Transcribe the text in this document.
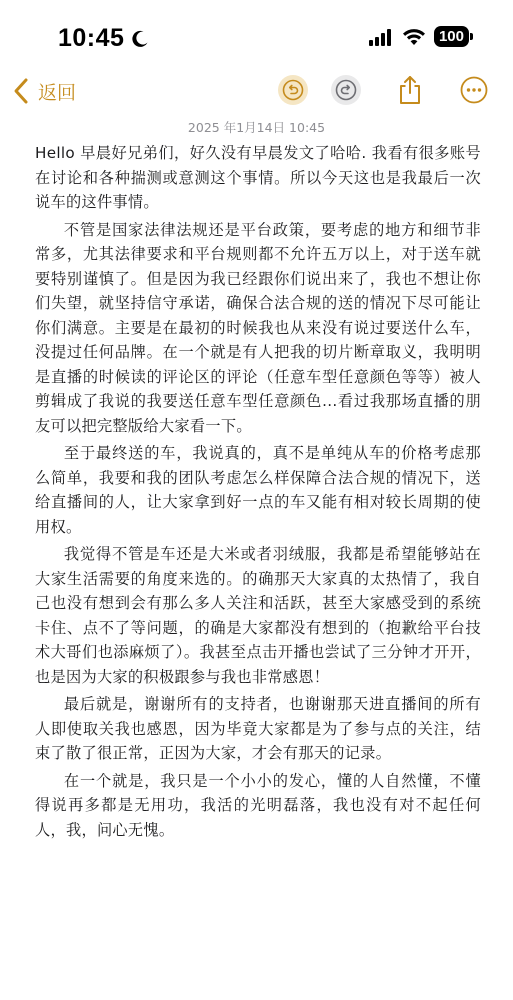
10:45	100
返回
2025 年1月14日 10:45

Hello 早晨好兄弟们，好久没有早晨发文了哈哈. 我看有很多账号在讨论和各种揣测或意测这个事情。所以今天这也是我最后一次说车的这件事情。

不管是国家法律法规还是平台政策，要考虑的地方和细节非常多，尤其法律要求和平台规则都不允许五万以上，对于送车就要特别谨慎了。但是因为我已经跟你们说出来了，我也不想让你们失望，就坚持信守承诺，确保合法合规的送的情况下尽可能让你们满意。主要是在最初的时候我也从来没有说过要送什么车，没提过任何品牌。在一个就是有人把我的切片断章取义，我明明是直播的时候读的评论区的评论（任意车型任意颜色等等）被人剪辑成了我说的我要送任意车型任意颜色...看过我那场直播的朋友可以把完整版给大家看一下。

至于最终送的车，我说真的，真不是单纯从车的价格考虑那么简单，我要和我的团队考虑怎么样保障合法合规的情况下，送给直播间的人，让大家拿到好一点的车又能有相对较长周期的使用权。

我觉得不管是车还是大米或者羽绒服，我都是希望能够站在大家生活需要的角度来选的。的确那天大家真的太热情了，我自己也没有想到会有那么多人关注和活跃，甚至大家感受到的系统卡住、点不了等问题，的确是大家都没有想到的（抱歉给平台技术大哥们也添麻烦了）。我甚至点击开播也尝试了三分钟才开开，也是因为大家的积极跟参与我也非常感恩！

最后就是，谢谢所有的支持者，也谢谢那天进直播间的所有人即使取关我也感恩，因为毕竟大家都是为了参与点的关注，结束了散了很正常，正因为大家，才会有那天的记录。

在一个就是，我只是一个小小的发心，懂的人自然懂，不懂得说再多都是无用功，我活的光明磊落，我也没有对不起任何人，我，问心无愧。
